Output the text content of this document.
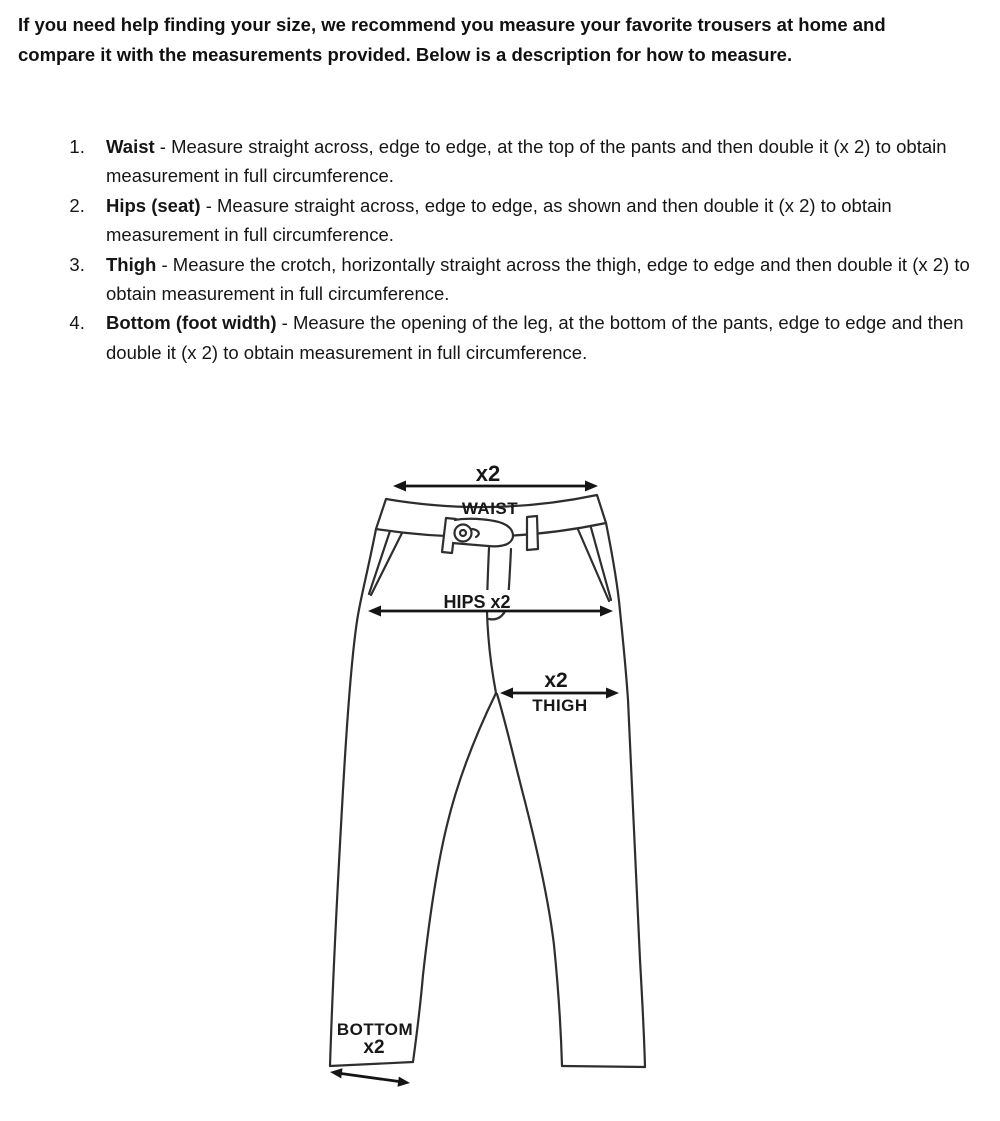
If you need help finding your size, we recommend you measure your favorite trousers at home and compare it with the measurements provided. Below is a description for how to measure.

1. Waist - Measure straight across, edge to edge, at the top of the pants and then double it (x 2) to obtain measurement in full circumference.
2. Hips (seat) - Measure straight across, edge to edge, as shown and then double it (x 2) to obtain measurement in full circumference.
3. Thigh - Measure the crotch, horizontally straight across the thigh, edge to edge and then double it (x 2) to obtain measurement in full circumference.
4. Bottom (foot width) - Measure the opening of the leg, at the bottom of the pants, edge to edge and then double it (x 2) to obtain measurement in full circumference.
x2
WAIST
HIPS x2
x2
THIGH
BOTTOM
x2
